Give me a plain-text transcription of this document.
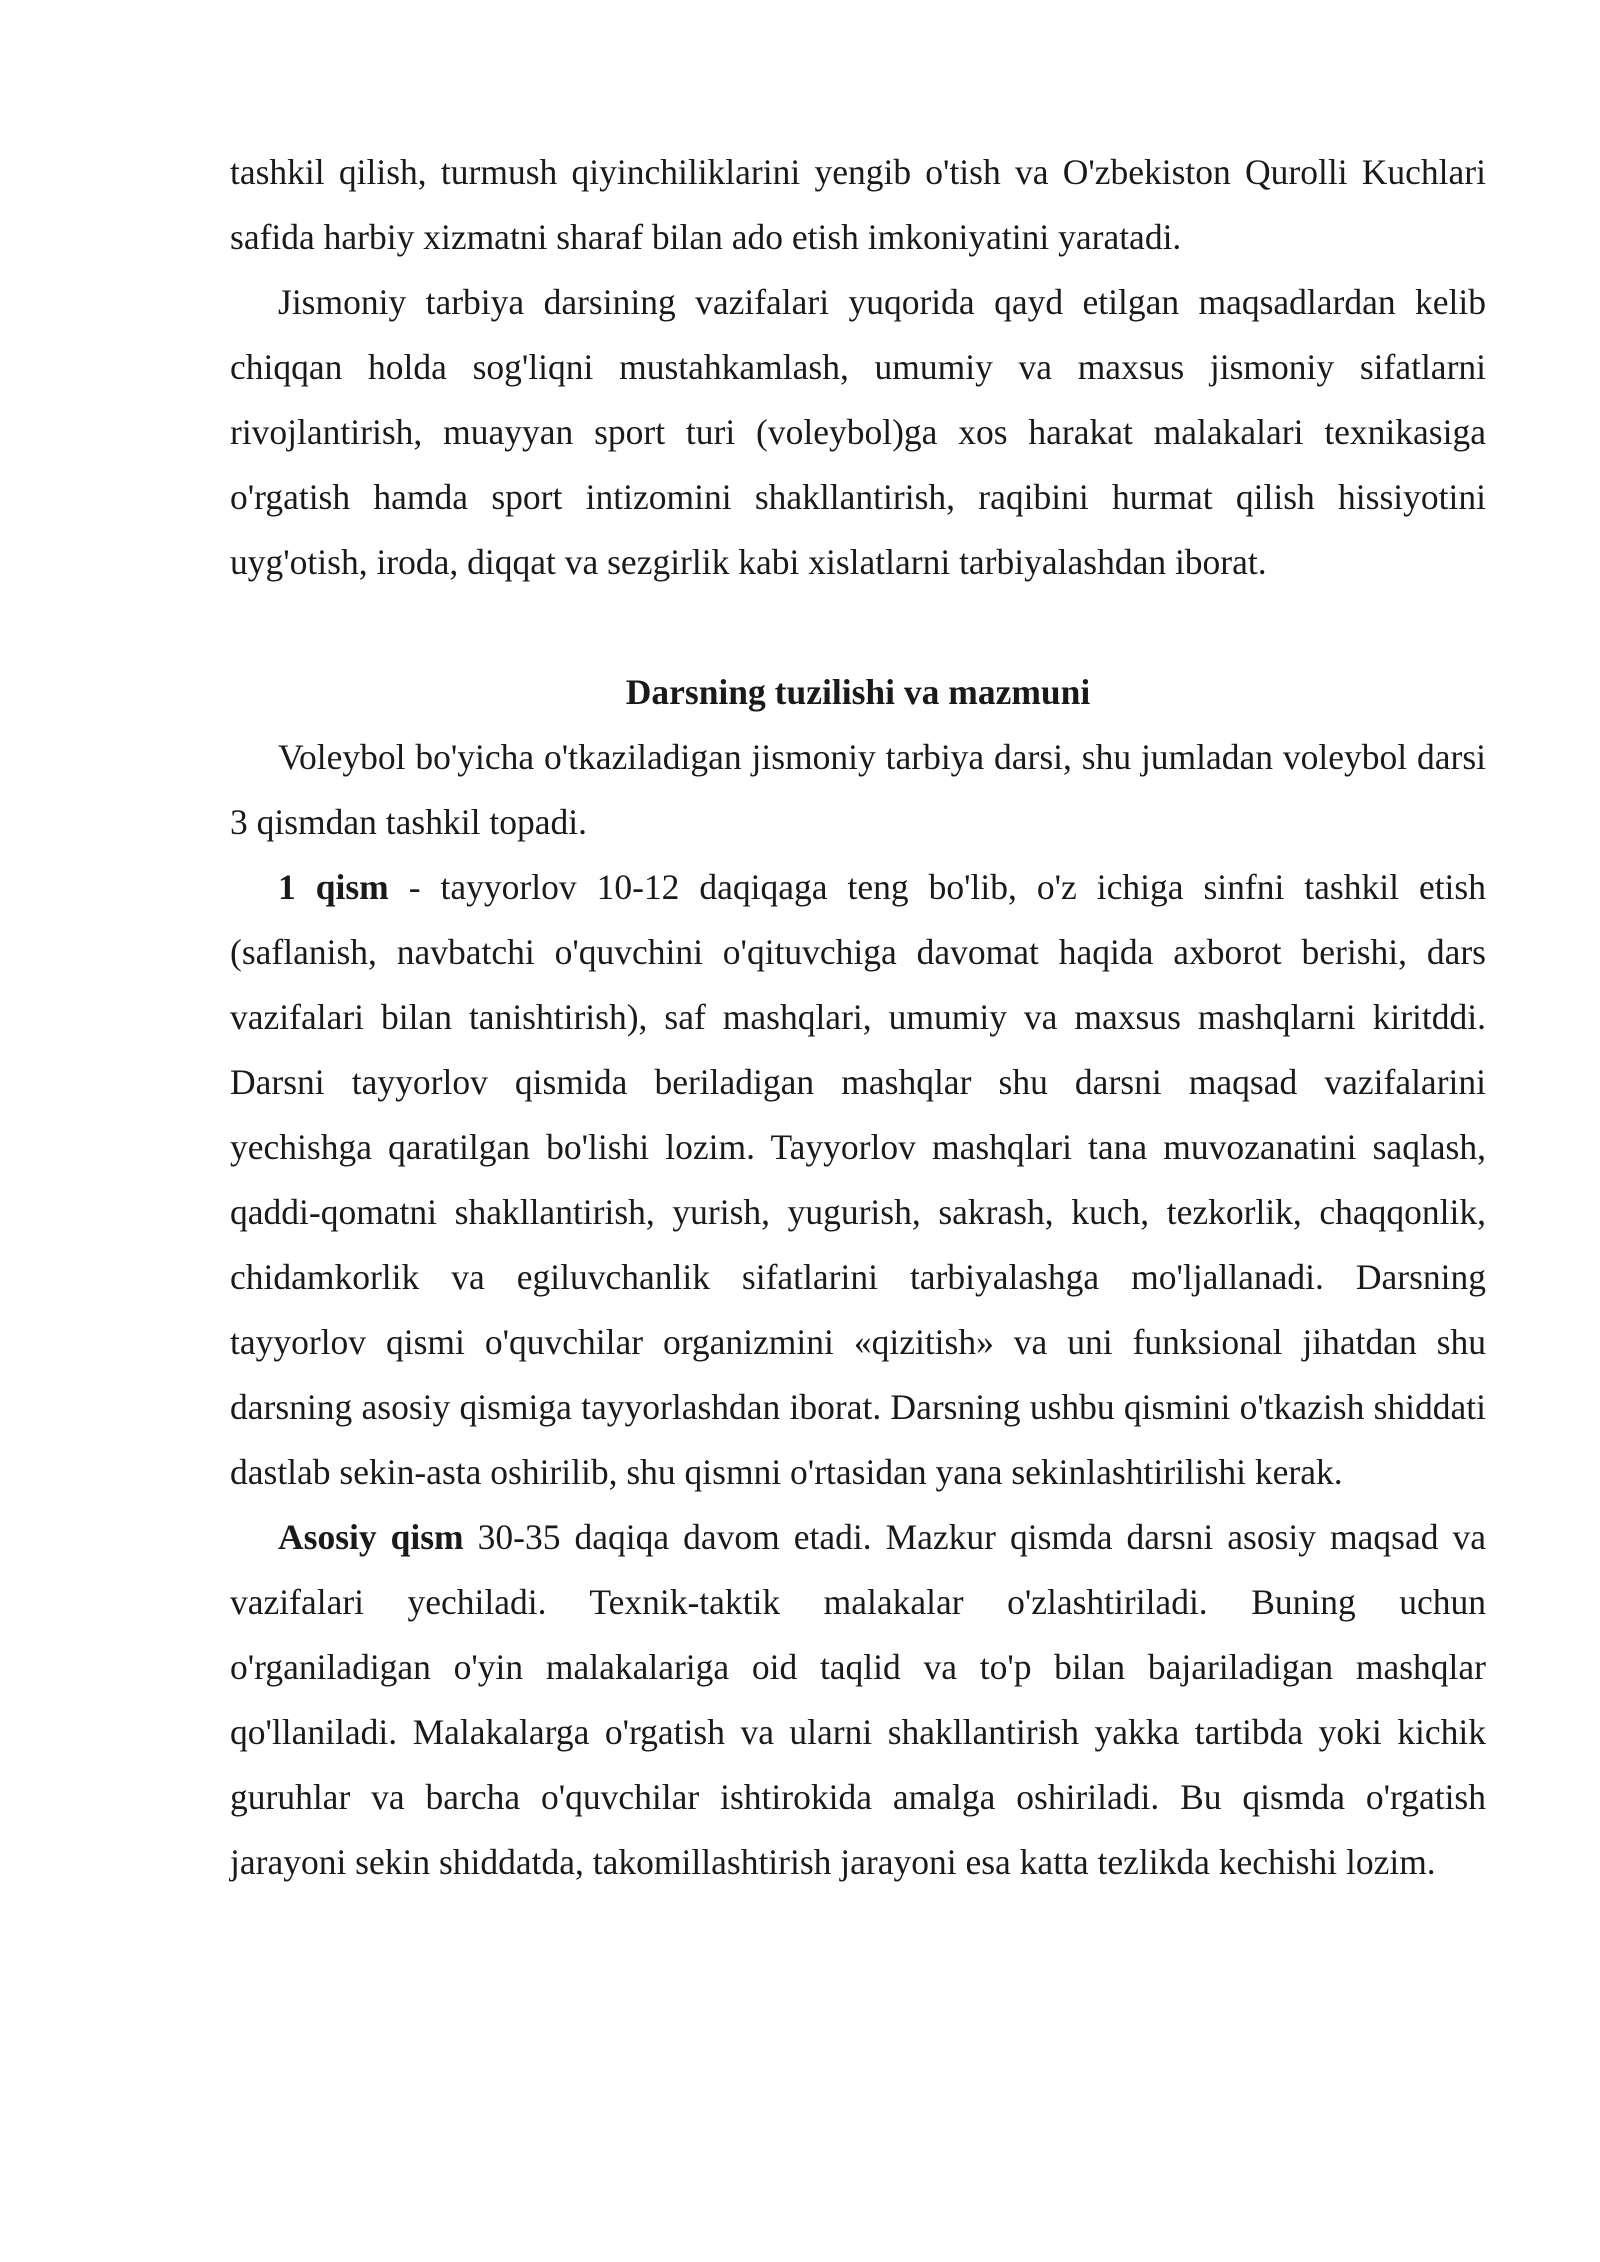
tashkil qilish, turmush qiyinchiliklarini yengib o'tish va O'zbekiston Qurolli Kuchlari safida harbiy xizmatni sharaf bilan ado etish imkoniyatini yaratadi.

Jismoniy tarbiya darsining vazifalari yuqorida qayd etilgan maqsadlardan kelib chiqqan holda sog'liqni mustahkamlash, umumiy va maxsus jismoniy sifatlarni rivojlantirish, muayyan sport turi (voleybol)ga xos harakat malakalari texnikasiga o'rgatish hamda sport intizomini shakllantirish, raqibini hurmat qilish hissiyotini uyg'otish, iroda, diqqat va sezgirlik kabi xislatlarni tarbiyalashdan iborat.

Darsning tuzilishi va mazmuni

Voleybol bo'yicha o'tkaziladigan jismoniy tarbiya darsi, shu jumladan voleybol darsi 3 qismdan tashkil topadi.

1 qism - tayyorlov 10-12 daqiqaga teng bo'lib, o'z ichiga sinfni tashkil etish (saflanish, navbatchi o'quvchini o'qituvchiga davomat haqida axborot berishi, dars vazifalari bilan tanishtirish), saf mashqlari, umumiy va maxsus mashqlarni kiritddi. Darsni tayyorlov qismida beriladigan mashqlar shu darsni maqsad vazifalarini yechishga qaratilgan bo'lishi lozim. Tayyorlov mashqlari tana muvozanatini saqlash, qaddi-qomatni shakllantirish, yurish, yugurish, sakrash, kuch, tezkorlik, chaqqonlik, chidamkorlik va egiluvchanlik sifatlarini tarbiyalashga mo'ljallanadi. Darsning tayyorlov qismi o'quvchilar organizmini «qizitish» va uni funksional jihatdan shu darsning asosiy qismiga tayyorlashdan iborat. Darsning ushbu qismini o'tkazish shiddati dastlab sekin-asta oshirilib, shu qismni o'rtasidan yana sekinlashtirilishi kerak.

Asosiy qism 30-35 daqiqa davom etadi. Mazkur qismda darsni asosiy maqsad va vazifalari yechiladi. Texnik-taktik malakalar o'zlashtiriladi. Buning uchun o'rganiladigan o'yin malakalariga oid taqlid va to'p bilan bajariladigan mashqlar qo'llaniladi. Malakalarga o'rgatish va ularni shakllantirish yakka tartibda yoki kichik guruhlar va barcha o'quvchilar ishtirokida amalga oshiriladi. Bu qismda o'rgatish jarayoni sekin shiddatda, takomillashtirish jarayoni esa katta tezlikda kechishi lozim.
